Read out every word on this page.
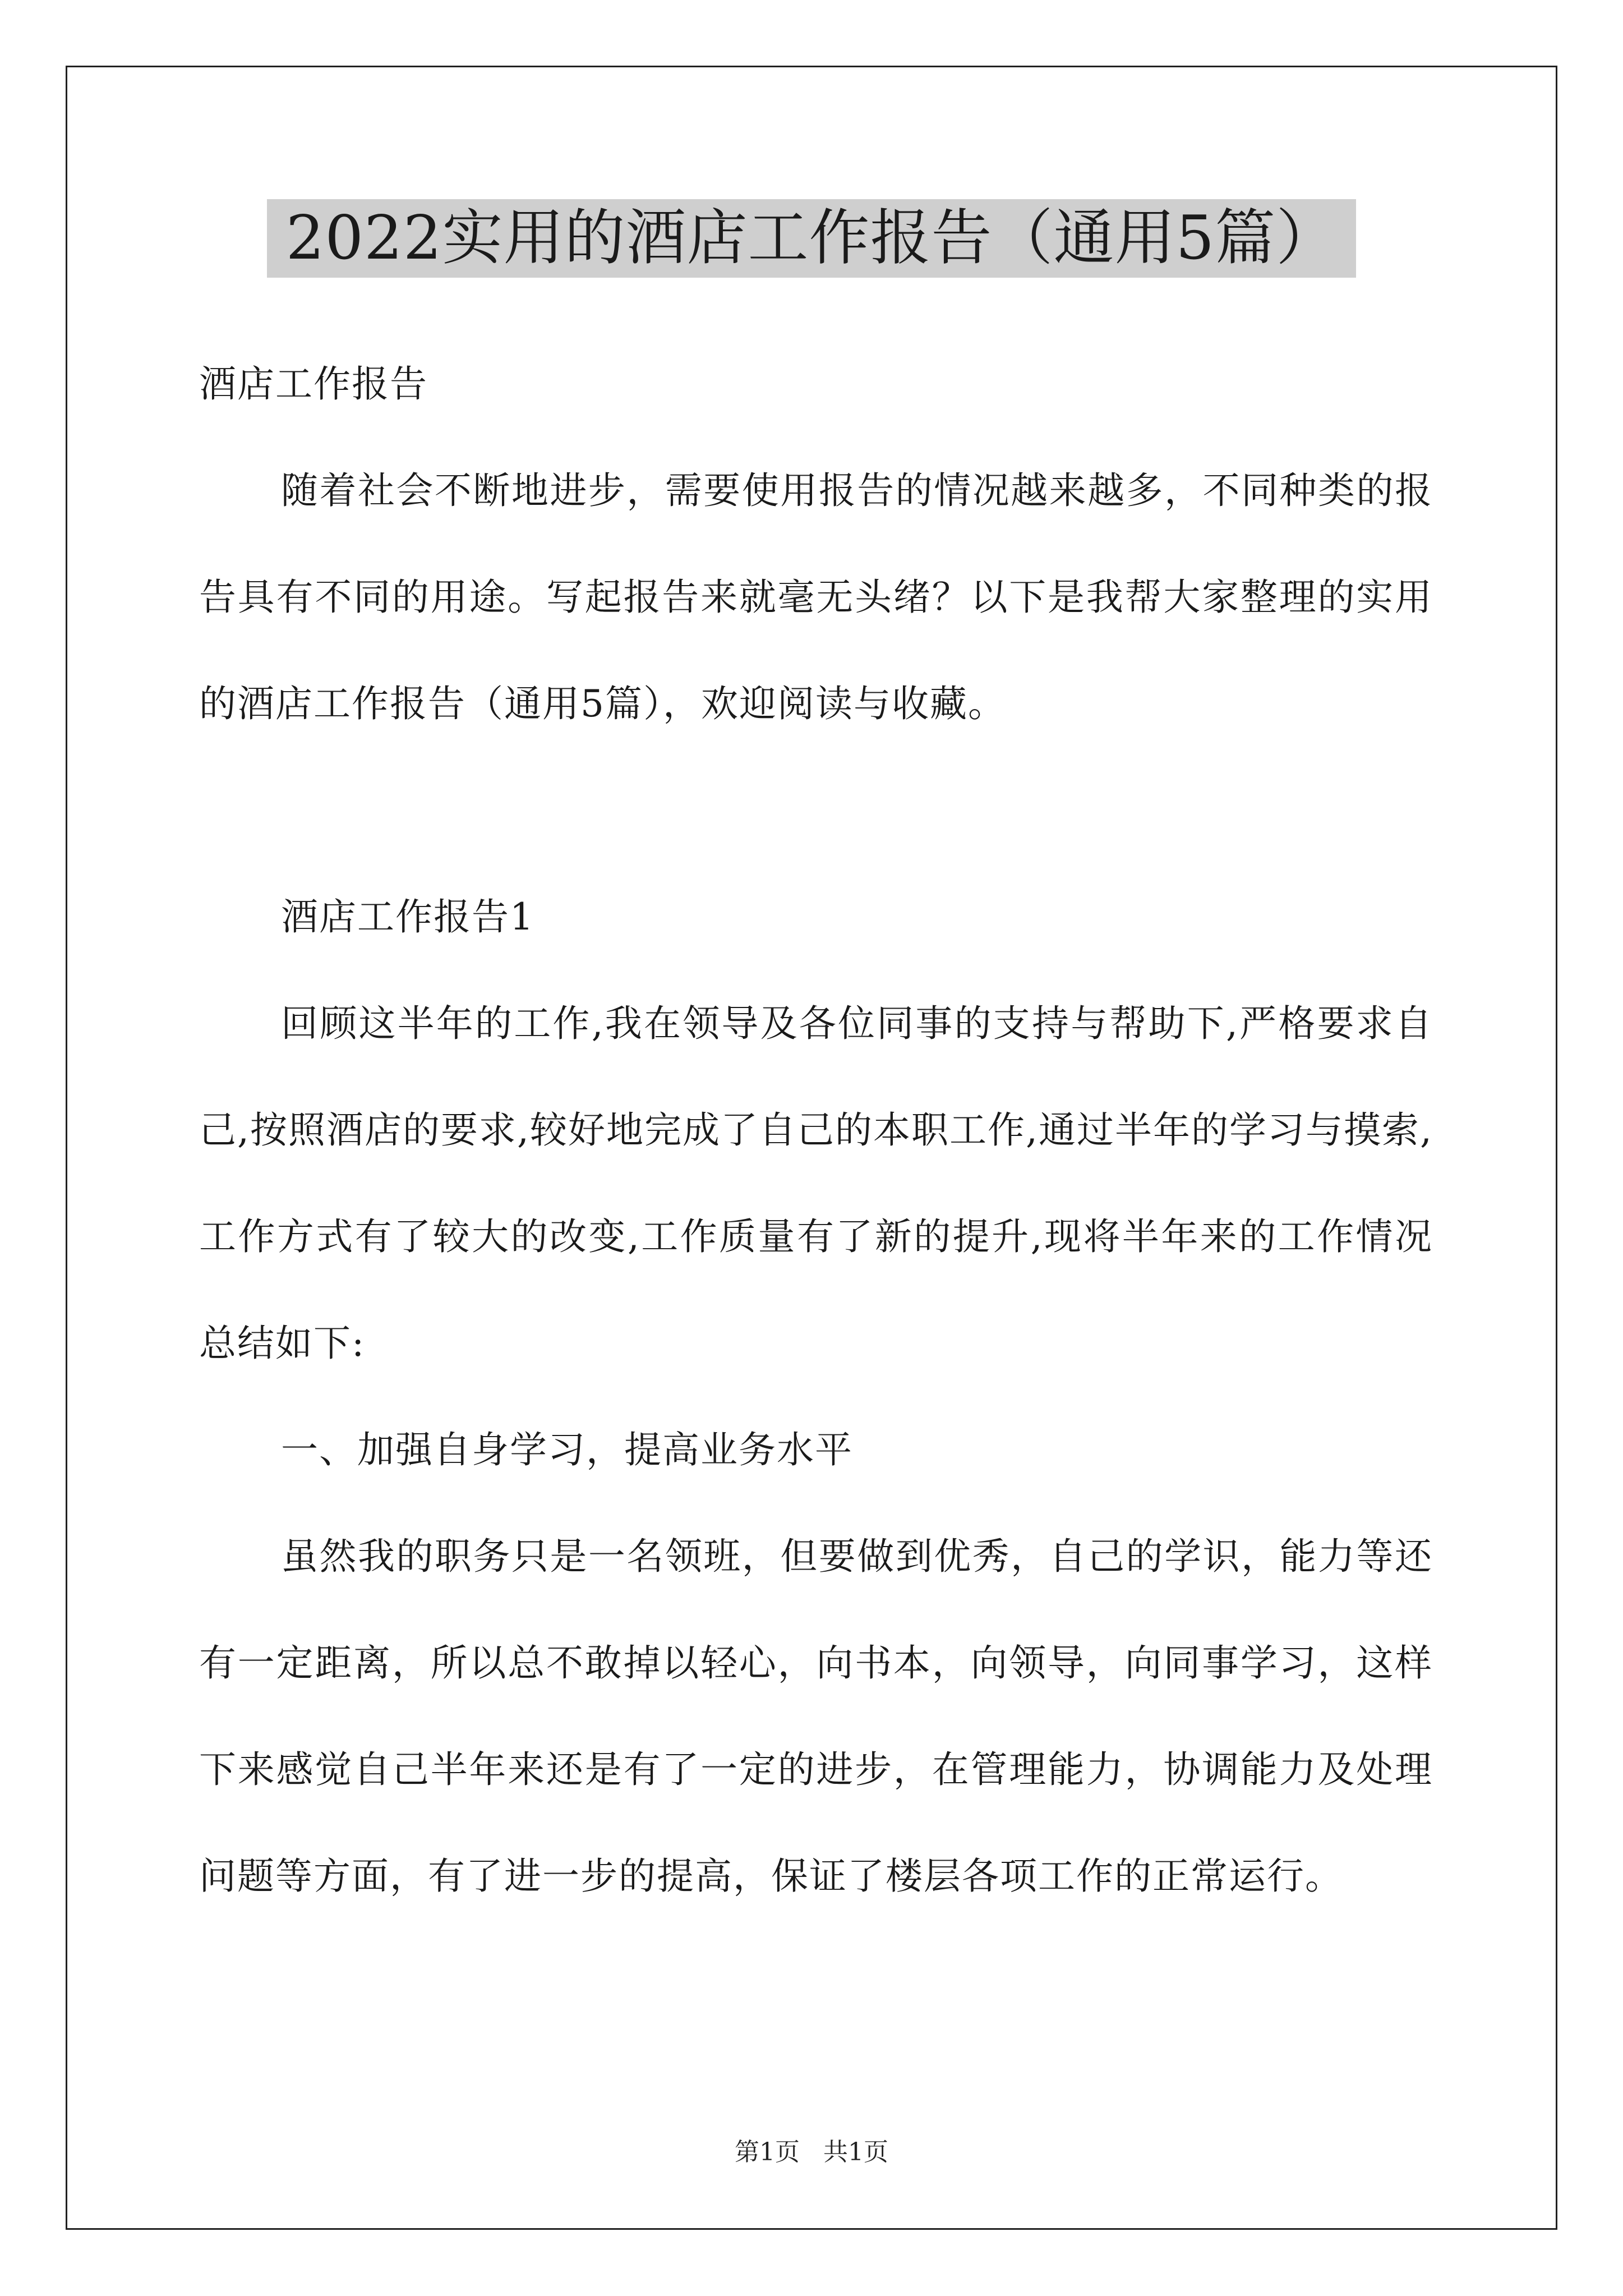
2022实用的酒店工作报告（通用5篇）

酒店工作报告

随着社会不断地进步，需要使用报告的情况越来越多，不同种类的报告具有不同的用途。写起报告来就毫无头绪？以下是我帮大家整理的实用的酒店工作报告（通用5篇），欢迎阅读与收藏。

酒店工作报告1

回顾这半年的工作,我在领导及各位同事的支持与帮助下,严格要求自己,按照酒店的要求,较好地完成了自己的本职工作,通过半年的学习与摸索,工作方式有了较大的改变,工作质量有了新的提升,现将半年来的工作情况总结如下:

一、加强自身学习，提高业务水平

虽然我的职务只是一名领班，但要做到优秀，自己的学识，能力等还有一定距离，所以总不敢掉以轻心，向书本，向领导，向同事学习，这样下来感觉自己半年来还是有了一定的进步，在管理能力，协调能力及处理问题等方面，有了进一步的提高，保证了楼层各项工作的正常运行。

第1页 共1页
